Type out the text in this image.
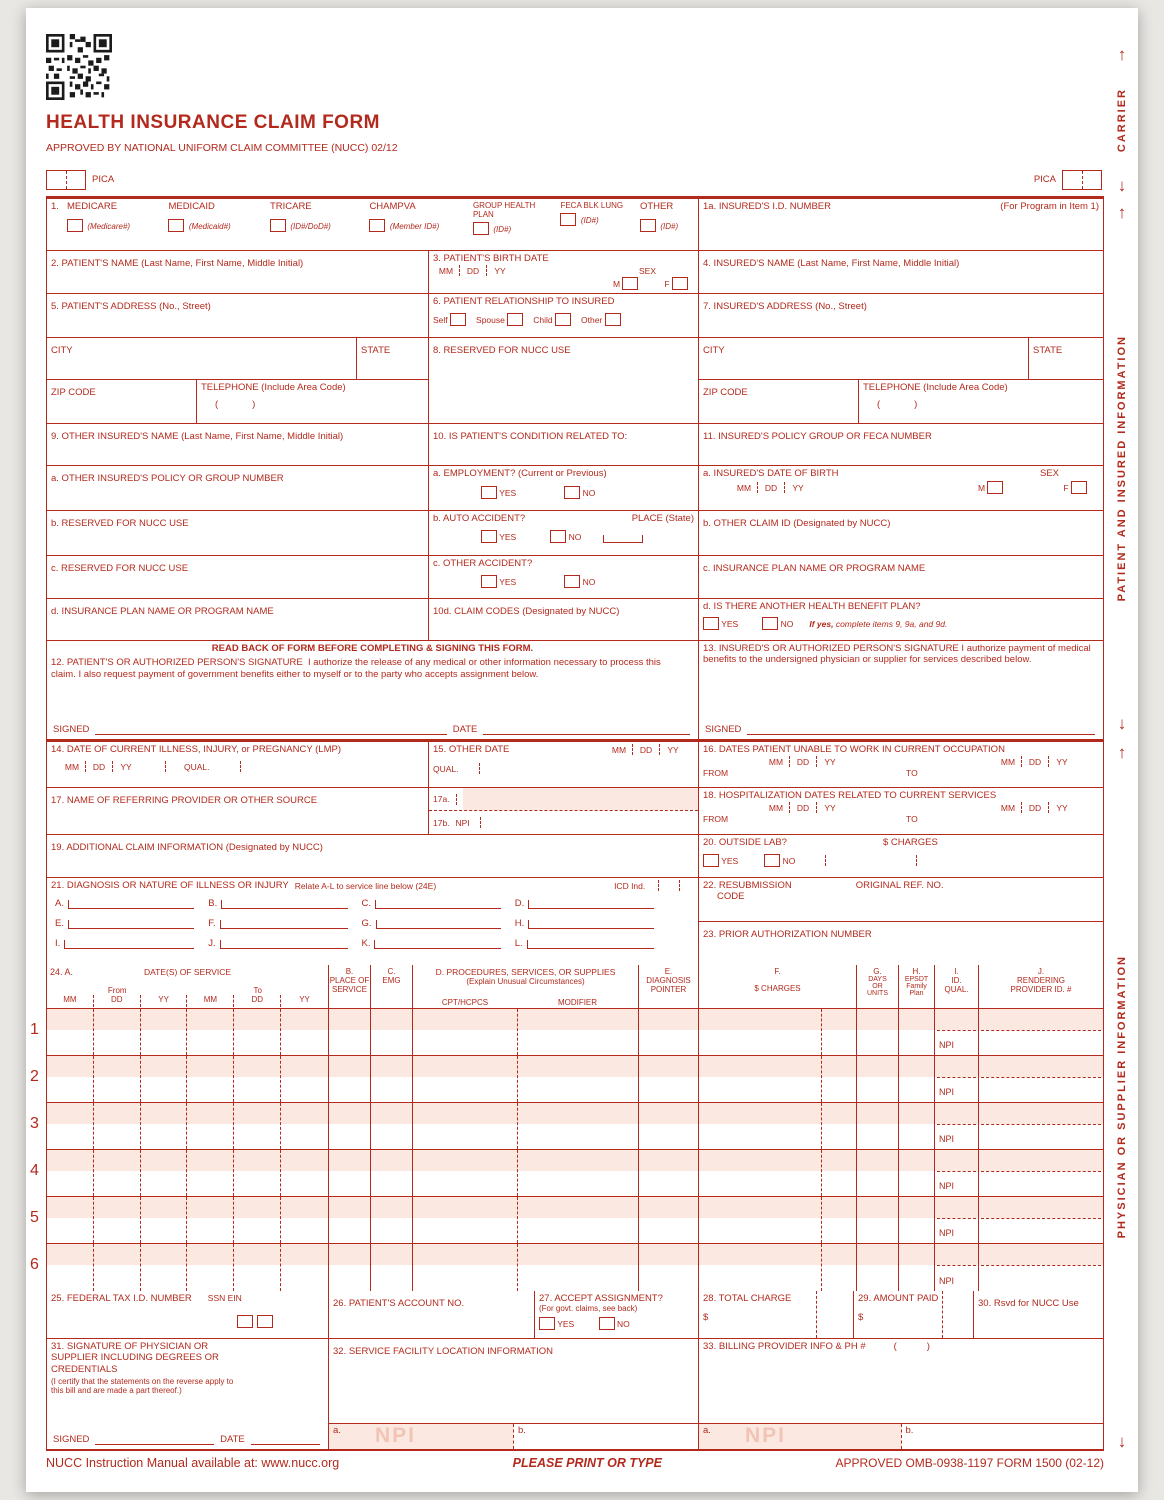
↑
CARRIER
↓
↑
PATIENT AND INSURED INFORMATION
↓
↑
PHYSICIAN OR SUPPLIER INFORMATION
↓
HEALTH INSURANCE CLAIM FORM
APPROVED BY NATIONAL UNIFORM CLAIM COMMITTEE (NUCC) 02/12
PICA	PICA
1. MEDICARE
(Medicare#)
MEDICAID
(Medicaid#)
TRICARE
(ID#/DoD#)
CHAMPVA
(Member ID#)
GROUP HEALTH PLAN
(ID#)
FECA BLK LUNG
(ID#)
OTHER
(ID#)
1a. INSURED'S I.D. NUMBER	(For Program in Item 1)
2. PATIENT'S NAME (Last Name, First Name, Middle Initial)	3. PATIENT'S BIRTH DATE
MM	DD	YY	SEX
M	F
4. INSURED'S NAME (Last Name, First Name, Middle Initial)
5. PATIENT'S ADDRESS (No., Street)	6. PATIENT RELATIONSHIP TO INSURED
Self	Spouse	Child	Other
7. INSURED'S ADDRESS (No., Street)
CITY	STATE
ZIP CODE	TELEPHONE (Include Area Code)
(	)
8. RESERVED FOR NUCC USE	CITY	STATE
ZIP CODE	TELEPHONE (Include Area Code)
(	)
9. OTHER INSURED'S NAME (Last Name, First Name, Middle Initial)	10. IS PATIENT'S CONDITION RELATED TO:	11. INSURED'S POLICY GROUP OR FECA NUMBER
a. OTHER INSURED'S POLICY OR GROUP NUMBER	a. EMPLOYMENT? (Current or Previous)
YES	NO
a. INSURED'S DATE OF BIRTH	SEX
MM	DD	YY	M	F
b. RESERVED FOR NUCC USE	b. AUTO ACCIDENT?	PLACE (State)
YES	NO
b. OTHER CLAIM ID (Designated by NUCC)
c. RESERVED FOR NUCC USE	c. OTHER ACCIDENT?
YES	NO
c. INSURANCE PLAN NAME OR PROGRAM NAME
d. INSURANCE PLAN NAME OR PROGRAM NAME	10d. CLAIM CODES (Designated by NUCC)	d. IS THERE ANOTHER HEALTH BENEFIT PLAN?
YES	NO If yes, complete items 9, 9a, and 9d.
READ BACK OF FORM BEFORE COMPLETING & SIGNING THIS FORM.
12. PATIENT'S OR AUTHORIZED PERSON'S SIGNATURE I authorize the release of any medical or other information necessary to process this claim. I also request payment of government benefits either to myself or to the party who accepts assignment below.
SIGNED	DATE
13. INSURED'S OR AUTHORIZED PERSON'S SIGNATURE I authorize payment of medical benefits to the undersigned physician or supplier for services described below.
SIGNED
14. DATE OF CURRENT ILLNESS, INJURY, or PREGNANCY (LMP)
MM	DD	YY	QUAL.
15. OTHER DATE	MM	DD	YY
QUAL.
16. DATES PATIENT UNABLE TO WORK IN CURRENT OCCUPATION
MM	DD	YY	MM	DD	YY
FROM	TO
17. NAME OF REFERRING PROVIDER OR OTHER SOURCE	17a.
17b. NPI
18. HOSPITALIZATION DATES RELATED TO CURRENT SERVICES
MM	DD	YY	MM	DD	YY
FROM	TO
19. ADDITIONAL CLAIM INFORMATION (Designated by NUCC)	20. OUTSIDE LAB?	$ CHARGES
YES	NO
21. DIAGNOSIS OR NATURE OF ILLNESS OR INJURY Relate A-L to service line below (24E)	ICD Ind.
A.	B.	C.	D.
E.	F.	G.	H.
I.	J.	K.	L.
22. RESUBMISSION
CODE
ORIGINAL REF. NO.
23. PRIOR AUTHORIZATION NUMBER
24. A.	DATE(S) OF SERVICE
From	To
MM	DD	YY	MM	DD	YY
B.
PLACE OF
SERVICE
C.
EMG
D. PROCEDURES, SERVICES, OR SUPPLIES
(Explain Unusual Circumstances)
CPT/HCPCS	MODIFIER
E.
DIAGNOSIS
POINTER
F.
$ CHARGES
G.
DAYS
OR
UNITS
H.
EPSDT
Family
Plan
I.
ID.
QUAL.
J.
RENDERING
PROVIDER ID. #
1
NPI
2
NPI
3
NPI
4
NPI
5
NPI
6
NPI
25. FEDERAL TAX I.D. NUMBER SSN EIN
	26. PATIENT'S ACCOUNT NO.	27. ACCEPT ASSIGNMENT?
(For govt. claims, see back)
YES	NO
28. TOTAL CHARGE
$
29. AMOUNT PAID
$
30. Rsvd for NUCC Use
31. SIGNATURE OF PHYSICIAN OR SUPPLIER INCLUDING DEGREES OR CREDENTIALS
(I certify that the statements on the reverse apply to this bill and are made a part thereof.)
SIGNED	DATE
32. SERVICE FACILITY LOCATION INFORMATION
a. NPI	b.
33. BILLING PROVIDER INFO & PH #	(	)
a. NPI	b.
NUCC Instruction Manual available at: www.nucc.org	PLEASE PRINT OR TYPE	APPROVED OMB-0938-1197 FORM 1500 (02-12)
